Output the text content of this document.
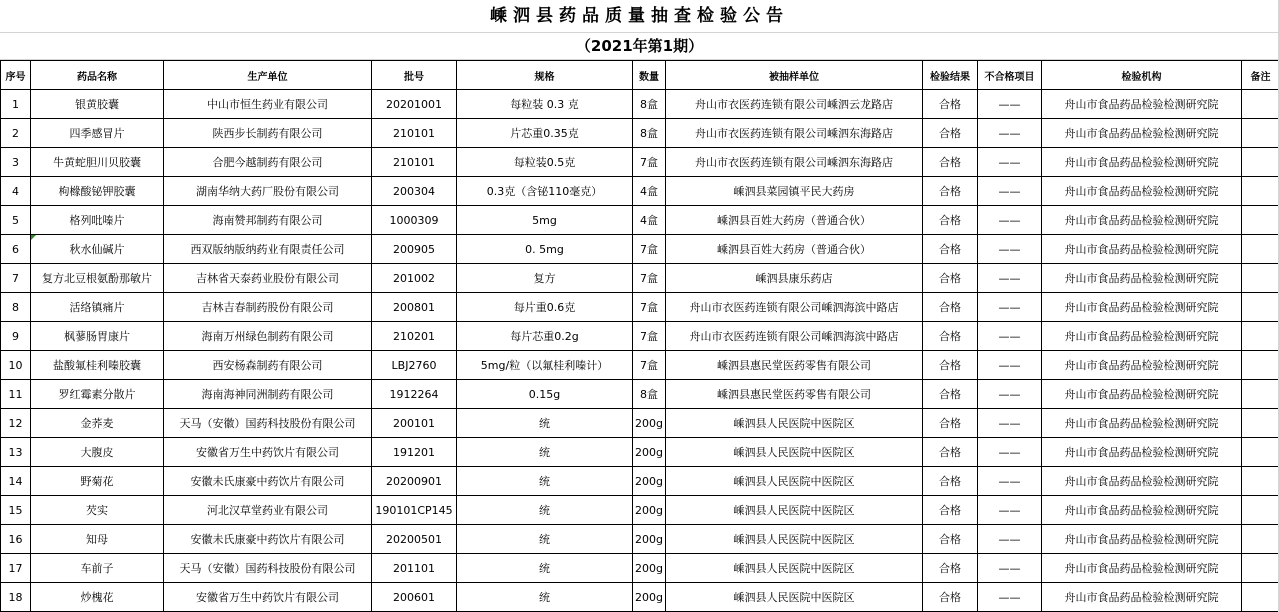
嵊泗县药品质量抽查检验公告
（2021年第1期）
序号	药品名称	生产单位	批号	规格	数量	被抽样单位	检验结果	不合格项目	检验机构	备注
1	银黄胶囊	中山市恒生药业有限公司	20201001	每粒装 0.3 克	8盒	舟山市衣医药连锁有限公司嵊泗云龙路店	合格	——	舟山市食品药品检验检测研究院	
2	四季感冒片	陕西步长制药有限公司	210101	片芯重0.35克	8盒	舟山市衣医药连锁有限公司嵊泗东海路店	合格	——	舟山市食品药品检验检测研究院	
3	牛黄蛇胆川贝胶囊	合肥今越制药有限公司	210101	每粒装0.5克	7盒	舟山市衣医药连锁有限公司嵊泗东海路店	合格	——	舟山市食品药品检验检测研究院	
4	枸橼酸铋钾胶囊	湖南华纳大药厂股份有限公司	200304	0.3克（含铋110毫克）	4盒	嵊泗县菜园镇平民大药房	合格	——	舟山市食品药品检验检测研究院	
5	格列吡嗪片	海南赞邦制药有限公司	1000309	5mg	4盒	嵊泗县百姓大药房（普通合伙）	合格	——	舟山市食品药品检验检测研究院	
6	秋水仙碱片	西双版纳版纳药业有限责任公司	200905	0. 5mg	7盒	嵊泗县百姓大药房（普通合伙）	合格	——	舟山市食品药品检验检测研究院	
7	复方北豆根氨酚那敏片	吉林省天泰药业股份有限公司	201002	复方	7盒	嵊泗县康乐药店	合格	——	舟山市食品药品检验检测研究院	
8	活络镇痛片	吉林吉春制药股份有限公司	200801	每片重0.6克	7盒	舟山市衣医药连锁有限公司嵊泗海滨中路店	合格	——	舟山市食品药品检验检测研究院	
9	枫蓼肠胃康片	海南万州绿色制药有限公司	210201	每片芯重0.2g	7盒	舟山市衣医药连锁有限公司嵊泗海滨中路店	合格	——	舟山市食品药品检验检测研究院	
10	盐酸氟桂利嗪胶囊	西安杨森制药有限公司	LBJ2760	5mg/粒（以氟桂利嗪计）	7盒	嵊泗县惠民堂医药零售有限公司	合格	——	舟山市食品药品检验检测研究院	
11	罗红霉素分散片	海南海神同洲制药有限公司	1912264	0.15g	8盒	嵊泗县惠民堂医药零售有限公司	合格	——	舟山市食品药品检验检测研究院	
12	金荞麦	天马（安徽）国药科技股份有限公司	200101	统	200g	嵊泗县人民医院中医院区	合格	——	舟山市食品药品检验检测研究院	
13	大腹皮	安徽省万生中药饮片有限公司	191201	统	200g	嵊泗县人民医院中医院区	合格	——	舟山市食品药品检验检测研究院	
14	野菊花	安徽未氏康豪中药饮片有限公司	20200901	统	200g	嵊泗县人民医院中医院区	合格	——	舟山市食品药品检验检测研究院	
15	芡实	河北汉草堂药业有限公司	190101CP145	统	200g	嵊泗县人民医院中医院区	合格	——	舟山市食品药品检验检测研究院	
16	知母	安徽未氏康豪中药饮片有限公司	20200501	统	200g	嵊泗县人民医院中医院区	合格	——	舟山市食品药品检验检测研究院	
17	车前子	天马（安徽）国药科技股份有限公司	201101	统	200g	嵊泗县人民医院中医院区	合格	——	舟山市食品药品检验检测研究院	
18	炒槐花	安徽省万生中药饮片有限公司	200601	统	200g	嵊泗县人民医院中医院区	合格	——	舟山市食品药品检验检测研究院	
